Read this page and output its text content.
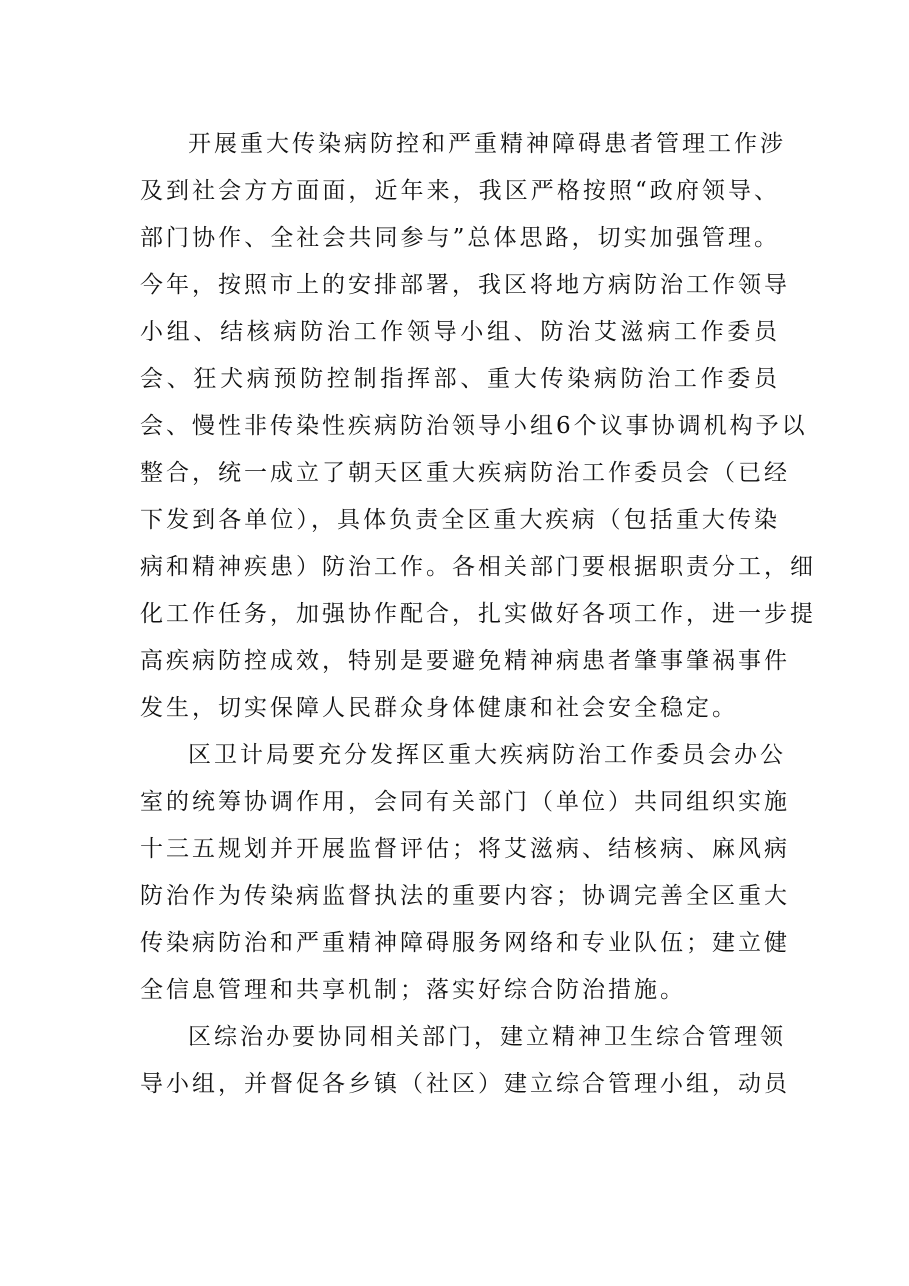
开展重大传染病防控和严重精神障碍患者管理工作涉
及到社会方方面面，近年来，我区严格按照“政府领导、
部门协作、全社会共同参与”总体思路，切实加强管理。
今年，按照市上的安排部署，我区将地方病防治工作领导
小组、结核病防治工作领导小组、防治艾滋病工作委员
会、狂犬病预防控制指挥部、重大传染病防治工作委员
会、慢性非传染性疾病防治领导小组6个议事协调机构予以
整合，统一成立了朝天区重大疾病防治工作委员会（已经
下发到各单位），具体负责全区重大疾病（包括重大传染
病和精神疾患）防治工作。各相关部门要根据职责分工，细
化工作任务，加强协作配合，扎实做好各项工作，进一步提
高疾病防控成效，特别是要避免精神病患者肇事肇祸事件
发生，切实保障人民群众身体健康和社会安全稳定。
区卫计局要充分发挥区重大疾病防治工作委员会办公
室的统筹协调作用，会同有关部门（单位）共同组织实施
十三五规划并开展监督评估；将艾滋病、结核病、麻风病
防治作为传染病监督执法的重要内容；协调完善全区重大
传染病防治和严重精神障碍服务网络和专业队伍；建立健
全信息管理和共享机制；落实好综合防治措施。
区综治办要协同相关部门，建立精神卫生综合管理领
导小组，并督促各乡镇（社区）建立综合管理小组，动员
